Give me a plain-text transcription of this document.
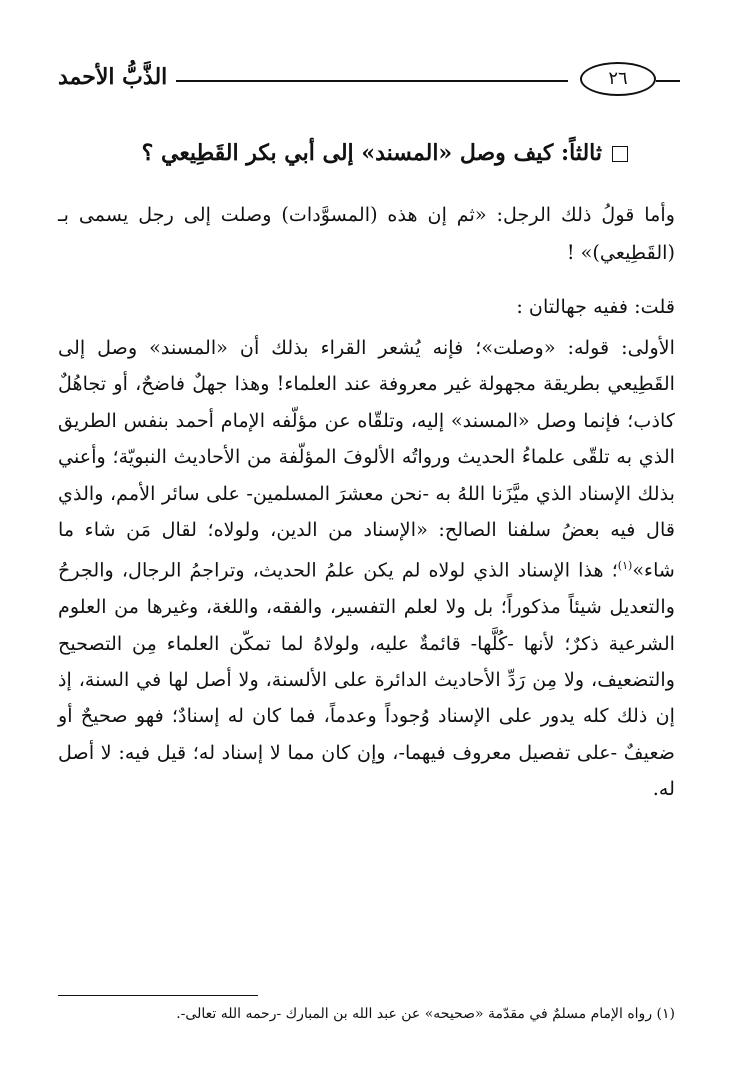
الذَّبُّ الأحمد	٢٦
ثالثاً: كيف وصل «المسند» إلى أبي بكر القَطِيعي ؟

وأما قولُ ذلك الرجل: «ثم إن هذه (المسوَّدات) وصلت إلى رجل يسمى بـ (القَطِيعي)» !

قلت: ففيه جهالتان :

الأولى: قوله: «وصلت»؛ فإنه يُشعر القراء بذلك أن «المسند» وصل إلى القَطِيعي بطريقة مجهولة غير معروفة عند العلماء! وهذا جهلٌ فاضحٌ، أو تجاهُلٌ كاذب؛ فإنما وصل «المسند» إليه، وتلقّاه عن مؤلّفه الإمام أحمد بنفس الطريق الذي به تلقّى علماءُ الحديث ورواتُه الألوفَ المؤلّفة من الأحاديث النبويّة؛ وأعني بذلك الإسناد الذي ميَّزَنا اللهُ به -نحن معشرَ المسلمين- على سائر الأمم، والذي قال فيه بعضُ سلفنا الصالح: «الإسناد من الدين، ولولاه؛ لقال مَن شاء ما شاء»$^{(١)}$؛ هذا الإسناد الذي لولاه لم يكن علمُ الحديث، وتراجمُ الرجال، والجرحُ والتعديل شيئاً مذكوراً؛ بل ولا لعلم التفسير، والفقه، واللغة، وغيرها من العلوم الشرعية ذكرٌ؛ لأنها -كُلَّها- قائمةٌ عليه، ولولاهُ لما تمكّن العلماء مِن التصحيح والتضعيف، ولا مِن رَدِّ الأحاديث الدائرة على الألسنة، ولا أصل لها في السنة، إذ إن ذلك كله يدور على الإسناد وُجوداً وعدماً، فما كان له إسنادٌ؛ فهو صحيحٌ أو ضعيفٌ -على تفصيل معروف فيهما-، وإن كان مما لا إسناد له؛ قيل فيه: لا أصل له.

(١) رواه الإمام مسلمٌ في مقدّمة «صحيحه» عن عبد الله بن المبارك -رحمه الله تعالى-.
